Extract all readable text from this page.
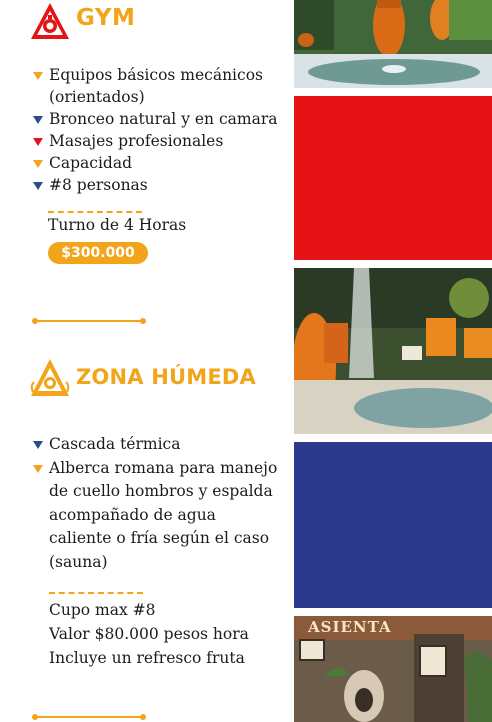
GYM
Equipos básicos mecánicos (orientados)
Bronceo natural y en camara
Masajes profesionales
Capacidad
#8 personas
Turno de 4 Horas
$300.000
ZONA HÚMEDA
Cascada térmica
Alberca romana para manejo de cuello hombros y espalda acompañado de agua caliente o fría según el caso (sauna)
Cupo max #8
Valor $80.000 pesos hora
Incluye un refresco fruta
ASIENTA
